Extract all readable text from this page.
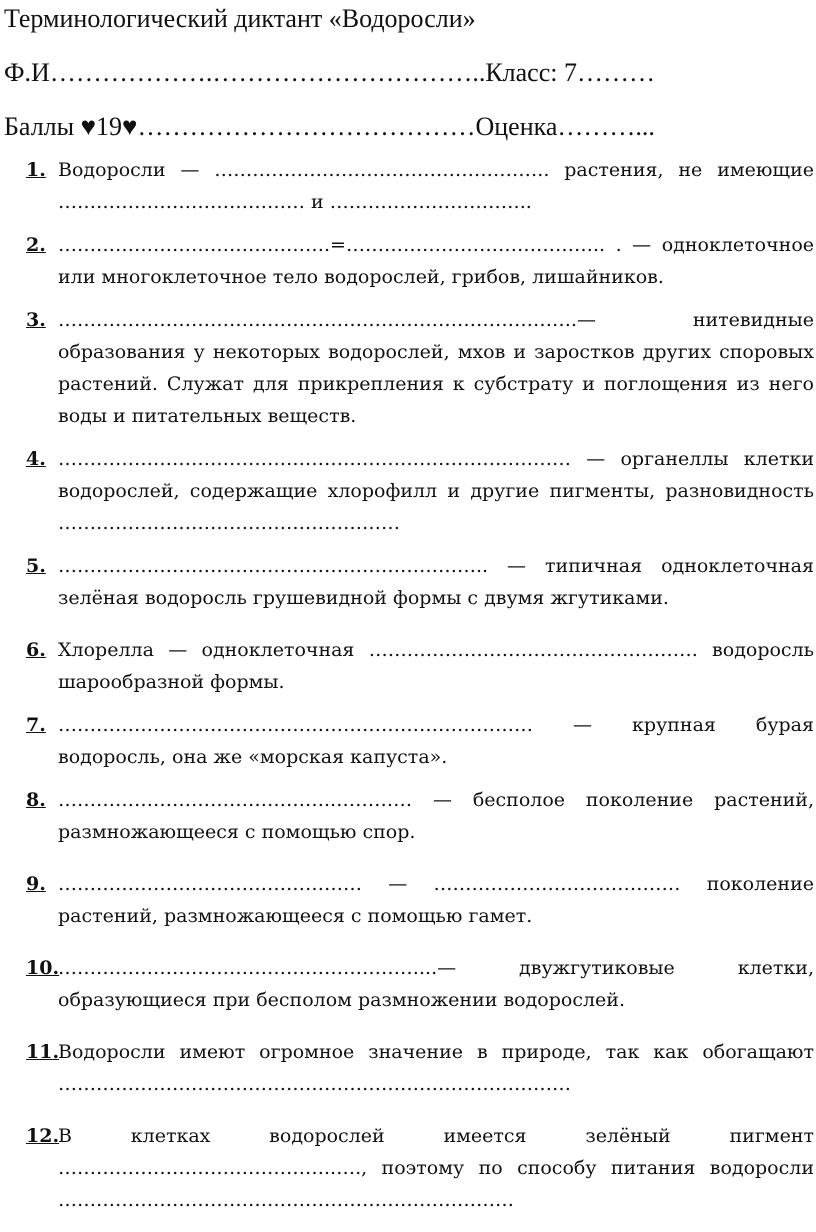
Терминологический диктант «Водоросли»
Ф.И……………….…………………………..Класс: 7………
Баллы ♥19♥…………………………………Оценка………...
1. Водоросли — …………………………………………….. растения, не имеющие ………………………………… и …………………………..
2. …………………………………….=………………………………….. . — одноклеточное или многоклеточное тело водорослей, грибов, лишайников.
3. ……………………………………………………………………….— нитевидные образования у некоторых водорослей, мхов и заростков других споровых растений. Служат для прикрепления к субстрату и поглощения из него воды и питательных веществ.
4. ……………………………………………………………………… — органеллы клетки водорослей, содержащие хлорофилл и другие пигменты, разновидность ………………………………………………
5. ………………………………………………………….. — типичная одноклеточная зелёная водоросль грушевидной формы с двумя жгутиками.
6. Хлорелла — одноклеточная ……………………………………………. водоросль шарообразной формы.
7. ………………………………………………………………… — крупная бурая водоросль, она же «морская капуста».
8. ……………………………………..………… — бесполое поколение растений, размножающееся с помощью спор.
9. ………………………………………… — ………………………………… поколение растений, размножающееся с помощью гамет.
10.
…………………………………………………...— двужгутиковые клетки, образующиеся при бесполом размножении водорослей.
11.
Водоросли имеют огромное значение в природе, так как обогащают ………………………………………………………………………
12.
В клетках водорослей имеется зелёный пигмент ……………………………………..…., поэтому по способу питания водоросли ………………………………………………………………
